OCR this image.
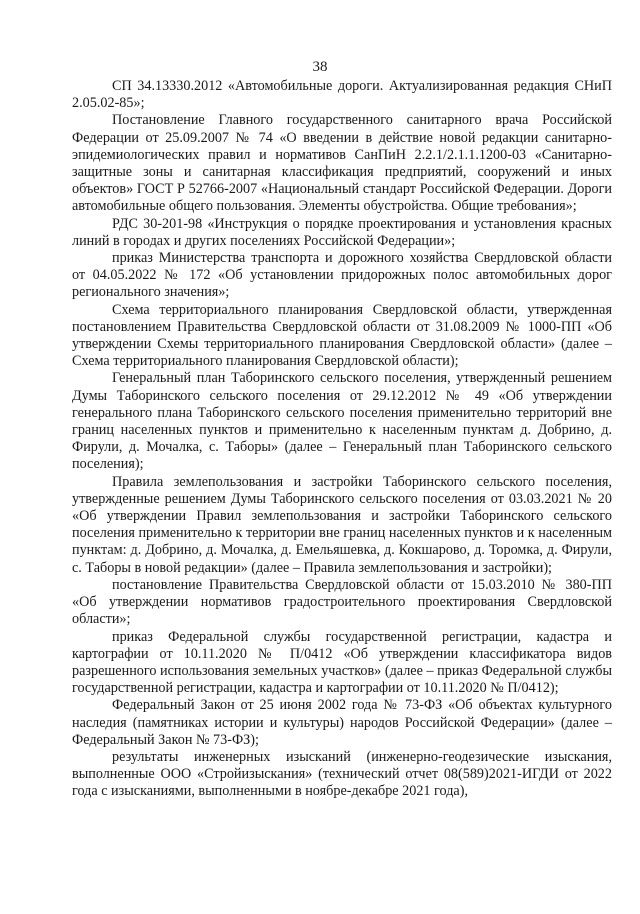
38

СП 34.13330.2012 «Автомобильные дороги. Актуализированная редакция СНиП 2.05.02-85»;

Постановление Главного государственного санитарного врача Российской Федерации от 25.09.2007 № 74 «О введении в действие новой редакции санитарно-эпидемиологических правил и нормативов СанПиН 2.2.1/2.1.1.1200-03 «Санитарно-защитные зоны и санитарная классификация предприятий, сооружений и иных объектов» ГОСТ Р 52766-2007 «Национальный стандарт Российской Федерации. Дороги автомобильные общего пользования. Элементы обустройства. Общие требования»;

РДС 30-201-98 «Инструкция о порядке проектирования и установления красных линий в городах и других поселениях Российской Федерации»;

приказ Министерства транспорта и дорожного хозяйства Свердловской области от 04.05.2022 № 172 «Об установлении придорожных полос автомобильных дорог регионального значения»;

Схема территориального планирования Свердловской области, утвержденная постановлением Правительства Свердловской области от 31.08.2009 № 1000-ПП «Об утверждении Схемы территориального планирования Свердловской области» (далее – Схема территориального планирования Свердловской области);

Генеральный план Таборинского сельского поселения, утвержденный решением Думы Таборинского сельского поселения от 29.12.2012 № 49 «Об утверждении генерального плана Таборинского сельского поселения применительно территорий вне границ населенных пунктов и применительно к населенным пунктам д. Добрино, д. Фирули, д. Мочалка, с. Таборы» (далее – Генеральный план Таборинского сельского поселения);

Правила землепользования и застройки Таборинского сельского поселения, утвержденные решением Думы Таборинского сельского поселения от 03.03.2021 № 20 «Об утверждении Правил землепользования и застройки Таборинского сельского поселения применительно к территории вне границ населенных пунктов и к населенным пунктам: д. Добрино, д. Мочалка, д. Емельяшевка, д. Кокшарово, д. Торомка, д. Фирули, с. Таборы в новой редакции» (далее – Правила землепользования и застройки);

постановление Правительства Свердловской области от 15.03.2010 № 380-ПП «Об утверждении нормативов градостроительного проектирования Свердловской области»;

приказ Федеральной службы государственной регистрации, кадастра и картографии от 10.11.2020 № П/0412 «Об утверждении классификатора видов разрешенного использования земельных участков» (далее – приказ Федеральной службы государственной регистрации, кадастра и картографии от 10.11.2020 № П/0412);

Федеральный Закон от 25 июня 2002 года № 73-ФЗ «Об объектах культурного наследия (памятниках истории и культуры) народов Российской Федерации» (далее – Федеральный Закон № 73-ФЗ);

результаты инженерных изысканий (инженерно-геодезические изыскания, выполненные ООО «Стройизыскания» (технический отчет 08(589)2021-ИГДИ от 2022 года с изысканиями, выполненными в ноябре-декабре 2021 года),
